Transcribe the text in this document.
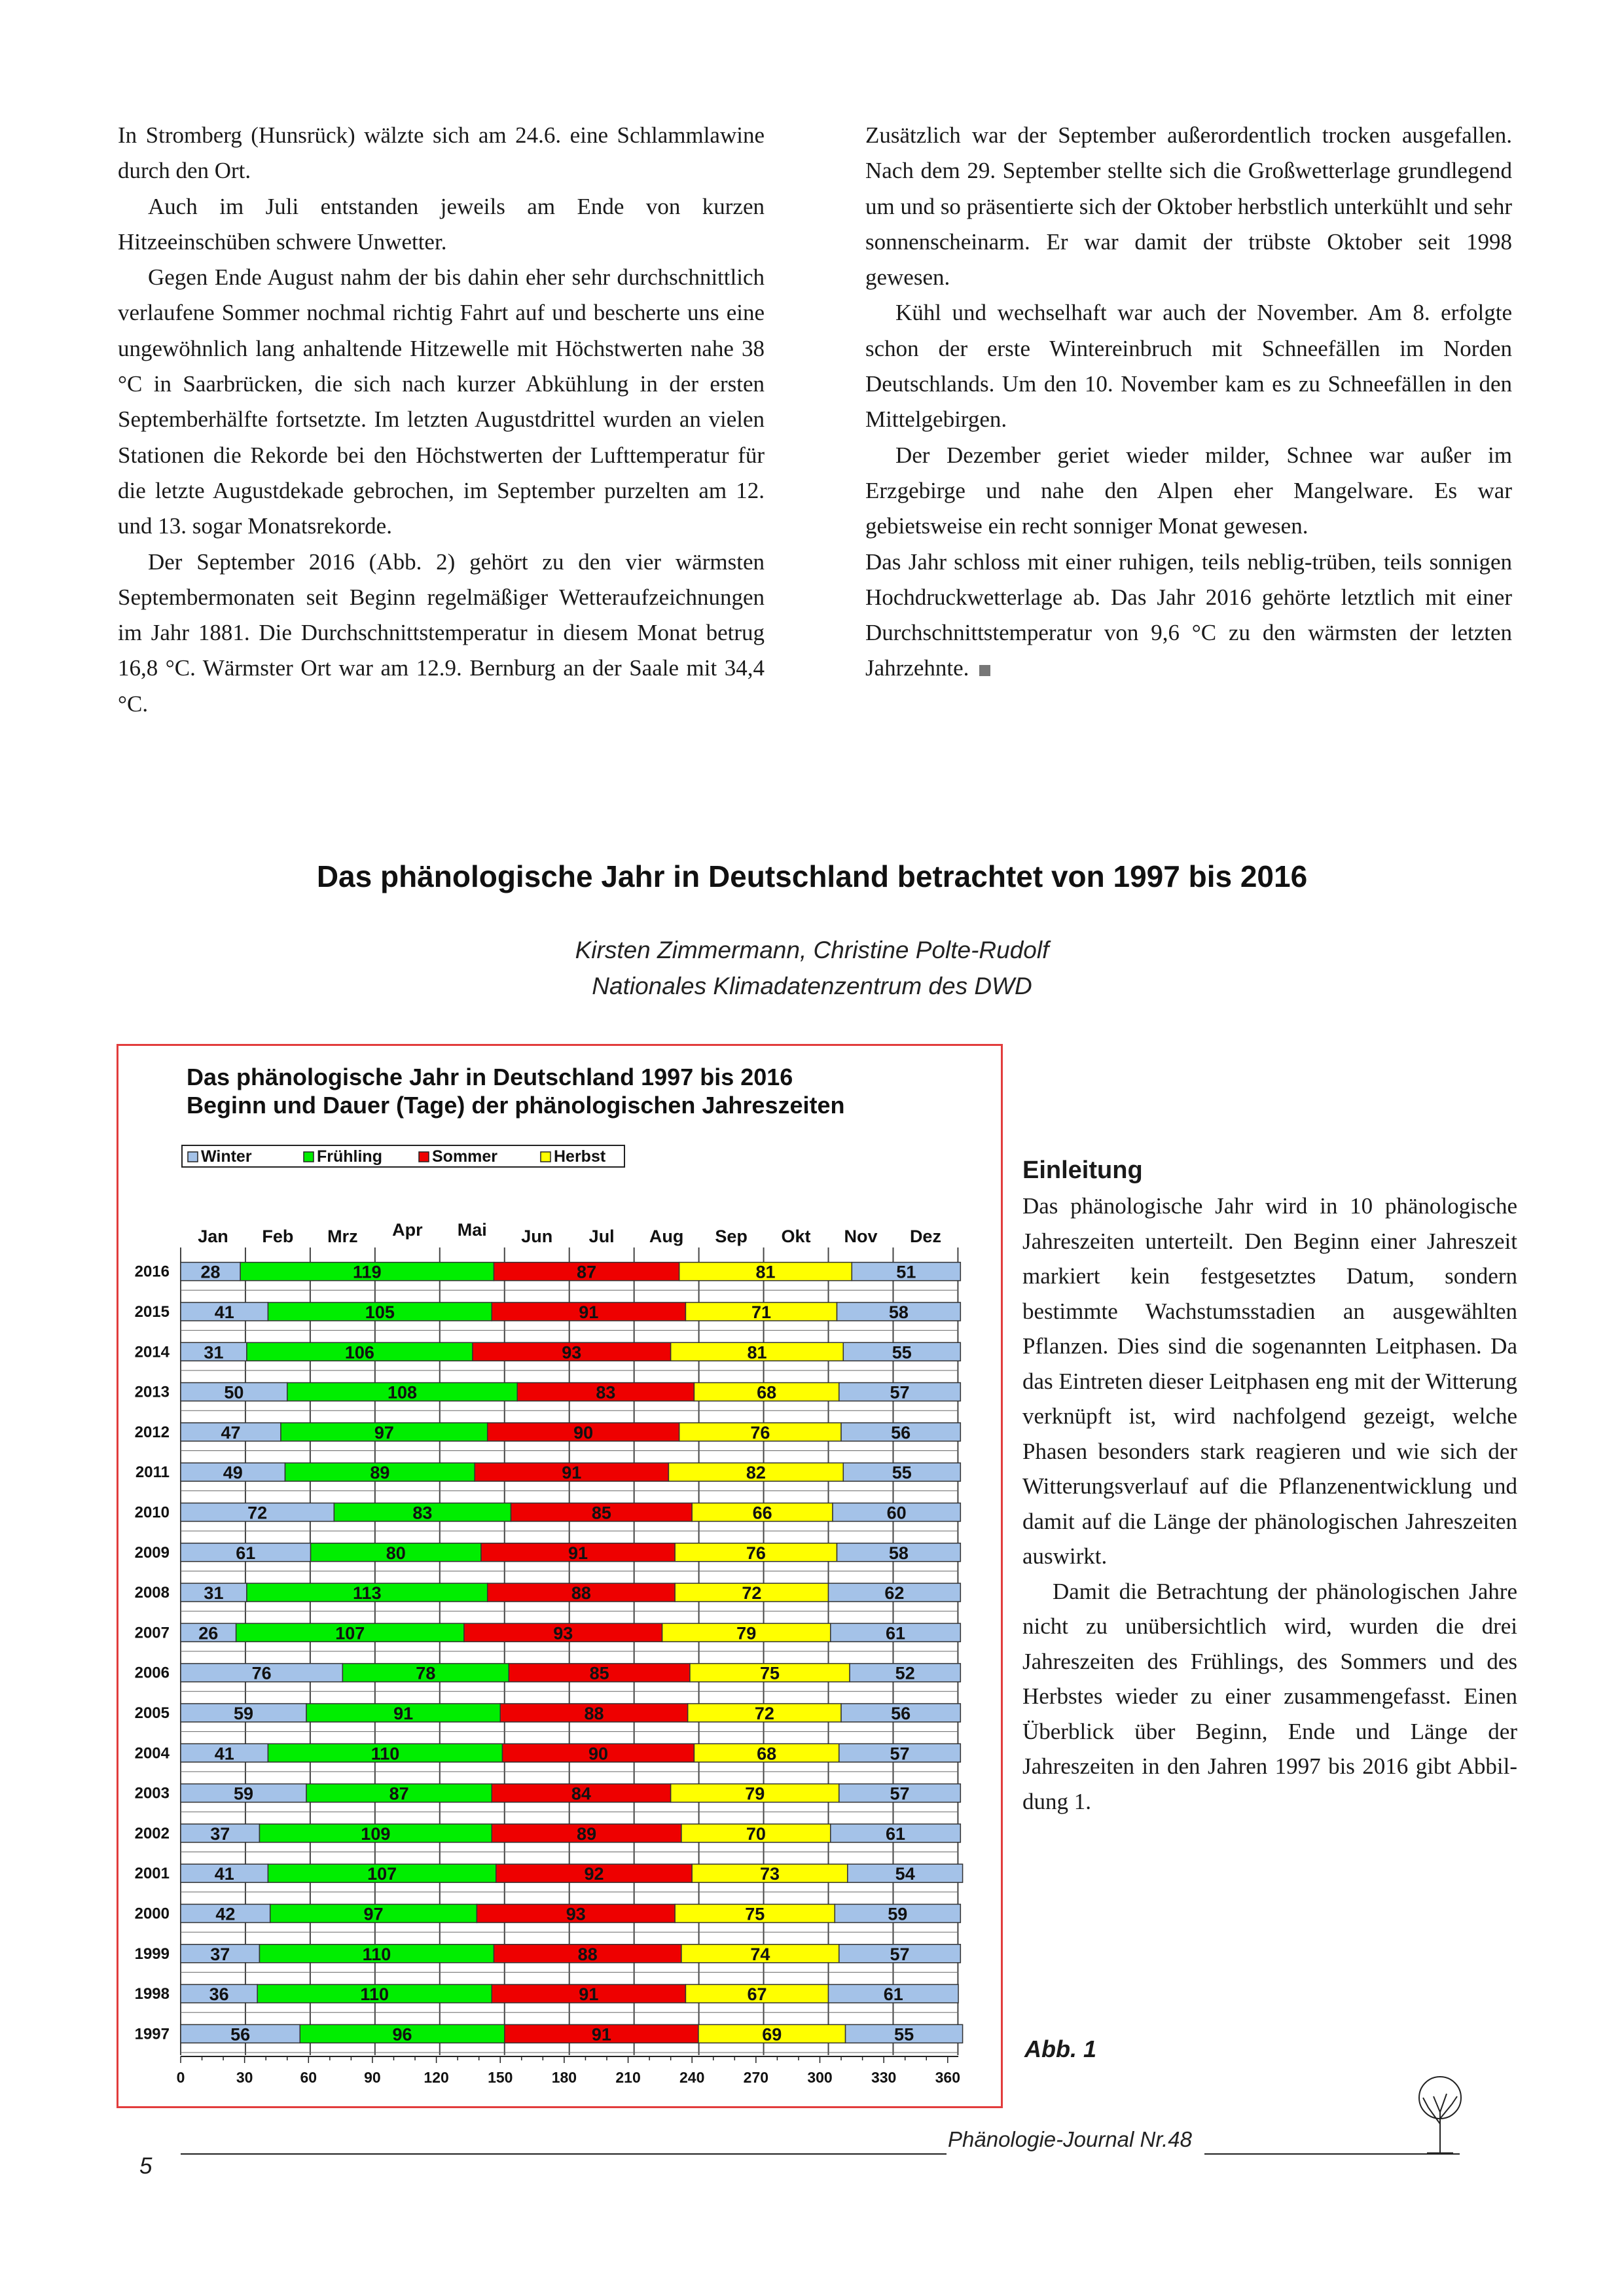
In Stromberg (Hunsrück) wälzte sich am 24.6. eine Schlammlawine durch den Ort.

Auch im Juli entstanden jeweils am Ende von kurzen Hitzeeinschüben schwere Unwetter.

Gegen Ende August nahm der bis dahin eher sehr durchschnittlich verlaufene Sommer nochmal richtig Fahrt auf und bescherte uns eine ungewöhnlich lang anhaltende Hitzewelle mit Höchstwerten nahe 38 °C in Saarbrücken, die sich nach kurzer Abkühlung in der ersten Septemberhälfte fortsetzte. Im letzten Augustdrittel wurden an vielen Stationen die Rekorde bei den Höchstwerten der Lufttemperatur für die letzte Augustdekade gebrochen, im September purzelten am 12. und 13. sogar Monatsrekorde.

Der September 2016 (Abb. 2) gehört zu den vier wärmsten Septembermonaten seit Beginn regelmäßiger Wetteraufzeichnungen im Jahr 1881. Die Durchschnittstemperatur in diesem Monat betrug 16,8 °C. Wärmster Ort war am 12.9. Bernburg an der Saale mit 34,4 °C.

Zusätzlich war der September außerordentlich trocken ausgefallen. Nach dem 29. September stellte sich die Großwetterlage grundlegend um und so präsentierte sich der Oktober herbstlich unterkühlt und sehr sonnenscheinarm. Er war damit der trübste Oktober seit 1998 gewesen.

Kühl und wechselhaft war auch der November. Am 8. erfolgte schon der erste Wintereinbruch mit Schneefällen im Norden Deutschlands. Um den 10. November kam es zu Schneefällen in den Mittelgebirgen.

Der Dezember geriet wieder milder, Schnee war außer im Erzgebirge und nahe den Alpen eher Mangelware. Es war gebietsweise ein recht sonniger Monat gewesen.

Das Jahr schloss mit einer ruhigen, teils neblig-trüben, teils sonnigen Hochdruckwetterlage ab. Das Jahr 2016 gehörte letztlich mit einer Durchschnittstemperatur von 9,6 °C zu den wärmsten der letzten Jahrzehnte.

Das phänologische Jahr in Deutschland betrachtet von 1997 bis 2016
Kirsten Zimmermann, Christine Polte-Rudolf
Nationales Klimadatenzentrum des DWD
Das phänologische Jahr in Deutschland 1997 bis 2016
Beginn und Dauer (Tage) der phänologischen Jahreszeiten
Winter	Frühling	Sommer	Herbst
Jan Feb Mrz Apr Mai Jun Jul Aug Sep Okt Nov Dez
2016 28	119	87	81	51
2015	41	105	91	71	58
2014 31	106	93	81	55
2013	50	108	83	68	57
2012	47	97	90	76	56
2011	49	89	91	82	55
2010	72	83	85	66	60
2009	61	80	91	76	58
2008 31	113	88	72	62
2007 26	107	93	79	61
2006	76	78	85	75	52
2005	59	91	88	72	56
2004	41	110	90	68	57
2003	59	87	84	79	57
2002 37	109	89	70	61
2001	41	107	92	73	54
2000	42	97	93	75	59
1999 37	110	88	74	57
1998 36	110	91	67	61
1997	56	96	91	69	55
0	30	60	90	120	150	180	210	240	270	300	330	360

Einleitung

Das phänologische Jahr wird in 10 phänologische Jahreszeiten unterteilt. Den Beginn einer Jahreszeit markiert kein festgesetztes Datum, sondern bestimmte Wachstumsstadien an ausgewählten Pflanzen. Dies sind die sogenannten Leitphasen. Da das Eintreten dieser Leitphasen eng mit der Witterung verknüpft ist, wird nachfolgend gezeigt, welche Phasen besonders stark reagieren und wie sich der Witterungsverlauf auf die Pflanzenentwicklung und damit auf die Länge der phänologischen Jahreszeiten auswirkt.

Damit die Betrachtung der phänologischen Jahre nicht zu unübersichtlich wird, wurden die drei Jahreszeiten des Frühlings, des Sommers und des Herbstes wieder zu einer zusammengefasst. Einen Überblick über Beginn, Ende und Länge der Jahreszeiten in den Jahren 1997 bis 2016 gibt Abbildung 1.

Abb. 1
Phänologie-Journal Nr.48
5
